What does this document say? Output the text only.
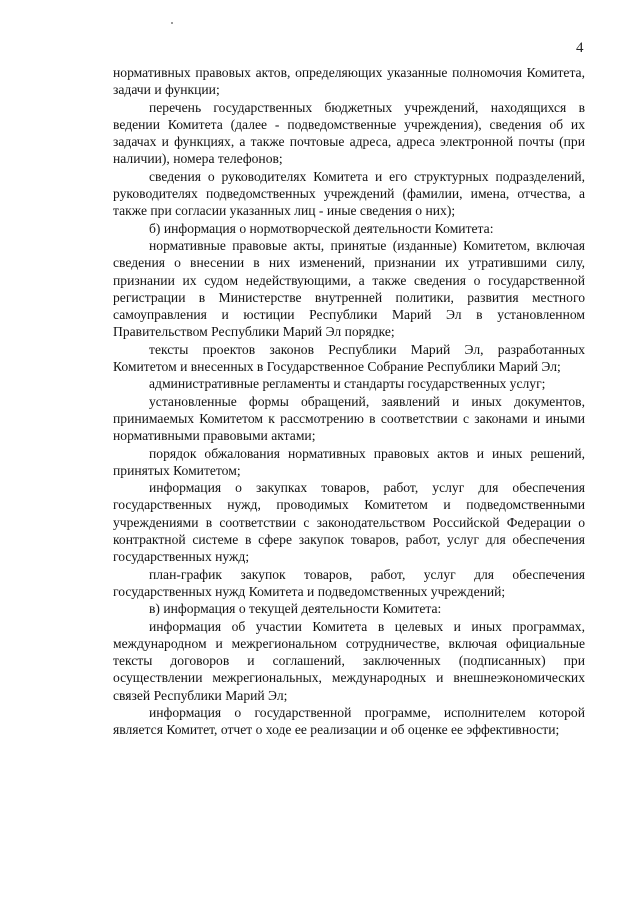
4

нормативных правовых актов, определяющих указанные полномочия Комитета, задачи и функции;

перечень государственных бюджетных учреждений, находящихся в ведении Комитета (далее - подведомственные учреждения), сведения об их задачах и функциях, а также почтовые адреса, адреса электронной почты (при наличии), номера телефонов;

сведения о руководителях Комитета и его структурных подразделений, руководителях подведомственных учреждений (фамилии, имена, отчества, а также при согласии указанных лиц - иные сведения о них);

б) информация о нормотворческой деятельности Комитета:

нормативные правовые акты, принятые (изданные) Комитетом, включая сведения о внесении в них изменений, признании их утратившими силу, признании их судом недействующими, а также сведения о государственной регистрации в Министерстве внутренней политики, развития местного самоуправления и юстиции Республики Марий Эл в установленном Правительством Республики Марий Эл порядке;

тексты проектов законов Республики Марий Эл, разработанных Комитетом и внесенных в Государственное Собрание Республики Марий Эл;

административные регламенты и стандарты государственных услуг;

установленные формы обращений, заявлений и иных документов, принимаемых Комитетом к рассмотрению в соответствии с законами и иными нормативными правовыми актами;

порядок обжалования нормативных правовых актов и иных решений, принятых Комитетом;

информация о закупках товаров, работ, услуг для обеспечения государственных нужд, проводимых Комитетом и подведомственными учреждениями в соответствии с законодательством Российской Федерации о контрактной системе в сфере закупок товаров, работ, услуг для обеспечения государственных нужд;

план-график закупок товаров, работ, услуг для обеспечения государственных нужд Комитета и подведомственных учреждений;

в) информация о текущей деятельности Комитета:

информация об участии Комитета в целевых и иных программах, международном и межрегиональном сотрудничестве, включая официальные тексты договоров и соглашений, заключенных (подписанных) при осуществлении межрегиональных, международных и внешнеэкономических связей Республики Марий Эл;

информация о государственной программе, исполнителем которой является Комитет, отчет о ходе ее реализации и об оценке ее эффективности;
